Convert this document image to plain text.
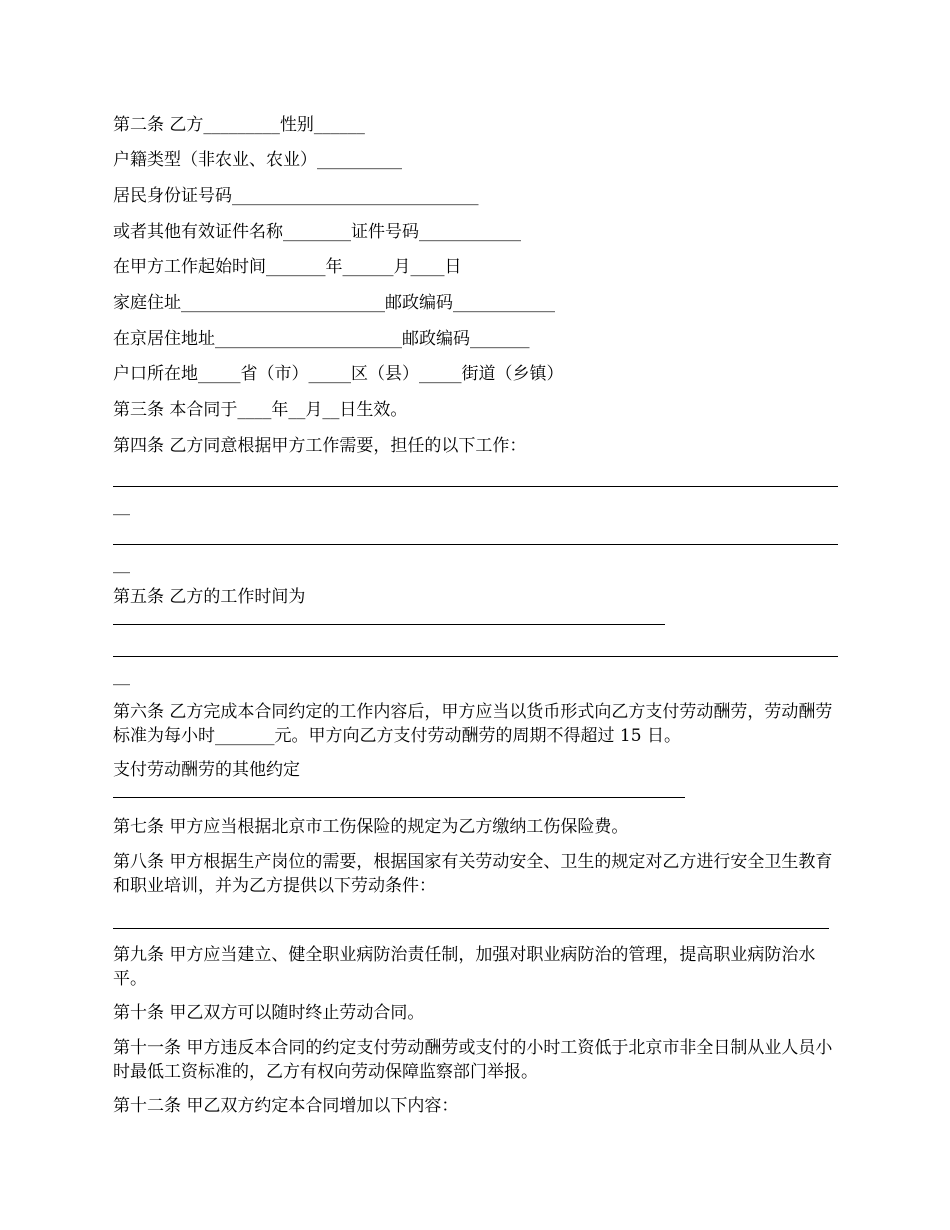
第二条 乙方_________性别______

户籍类型（非农业、农业）__________

居民身份证号码_____________________________

或者其他有效证件名称________证件号码____________

在甲方工作起始时间_______年______月____日

家庭住址________________________邮政编码____________

在京居住地址______________________邮政编码_______

户口所在地_____省（市）_____区（县）_____街道（乡镇）

第三条 本合同于____年__月__日生效。

第四条 乙方同意根据甲方工作需要，担任的以下工作：

__

__

第五条 乙方的工作时间为

__

第六条 乙方完成本合同约定的工作内容后，甲方应当以货币形式向乙方支付劳动酬劳，劳动酬劳标准为每小时_______元。甲方向乙方支付劳动酬劳的周期不得超过 15 日。

支付劳动酬劳的其他约定

第七条 甲方应当根据北京市工伤保险的规定为乙方缴纳工伤保险费。

第八条 甲方根据生产岗位的需要，根据国家有关劳动安全、卫生的规定对乙方进行安全卫生教育和职业培训，并为乙方提供以下劳动条件：

第九条 甲方应当建立、健全职业病防治责任制，加强对职业病防治的管理，提高职业病防治水平。

第十条 甲乙双方可以随时终止劳动合同。

第十一条 甲方违反本合同的约定支付劳动酬劳或支付的小时工资低于北京市非全日制从业人员小时最低工资标准的，乙方有权向劳动保障监察部门举报。

第十二条 甲乙双方约定本合同增加以下内容：
